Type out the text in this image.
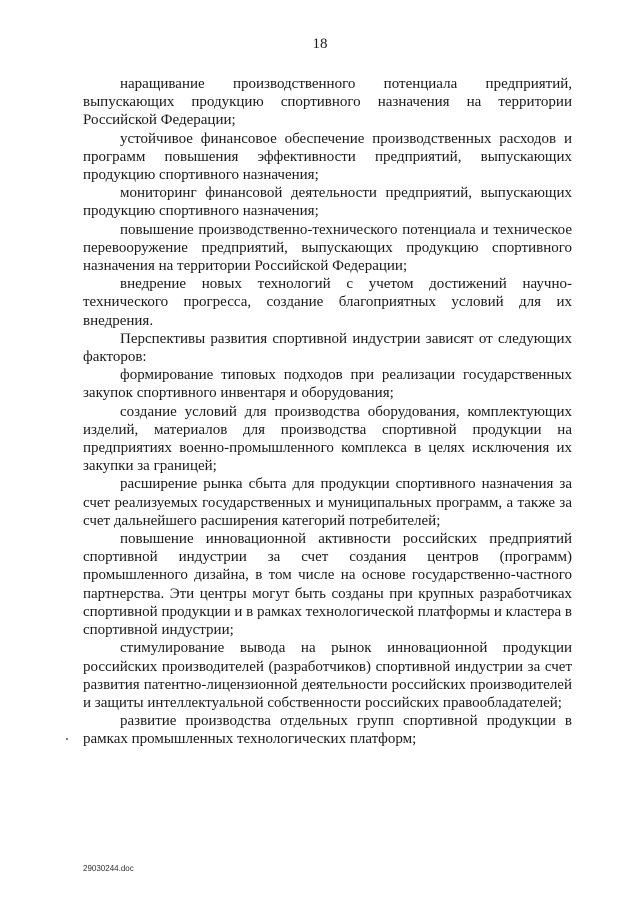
18

наращивание производственного потенциала предприятий, выпускающих продукцию спортивного назначения на территории Российской Федерации;

устойчивое финансовое обеспечение производственных расходов и программ повышения эффективности предприятий, выпускающих продукцию спортивного назначения;

мониторинг финансовой деятельности предприятий, выпускающих продукцию спортивного назначения;

повышение производственно-технического потенциала и техническое перевооружение предприятий, выпускающих продукцию спортивного назначения на территории Российской Федерации;

внедрение новых технологий с учетом достижений научно-технического прогресса, создание благоприятных условий для их внедрения.

Перспективы развития спортивной индустрии зависят от следующих факторов:

формирование типовых подходов при реализации государственных закупок спортивного инвентаря и оборудования;

создание условий для производства оборудования, комплектующих изделий, материалов для производства спортивной продукции на предприятиях военно-промышленного комплекса в целях исключения их закупки за границей;

расширение рынка сбыта для продукции спортивного назначения за счет реализуемых государственных и муниципальных программ, а также за счет дальнейшего расширения категорий потребителей;

повышение инновационной активности российских предприятий спортивной индустрии за счет создания центров (программ) промышленного дизайна, в том числе на основе государственно-частного партнерства. Эти центры могут быть созданы при крупных разработчиках спортивной продукции и в рамках технологической платформы и кластера в спортивной индустрии;

стимулирование вывода на рынок инновационной продукции российских производителей (разработчиков) спортивной индустрии за счет развития патентно-лицензионной деятельности российских производителей и защиты интеллектуальной собственности российских правообладателей;

развитие производства отдельных групп спортивной продукции в рамках промышленных технологических платформ;

29030244.doc
